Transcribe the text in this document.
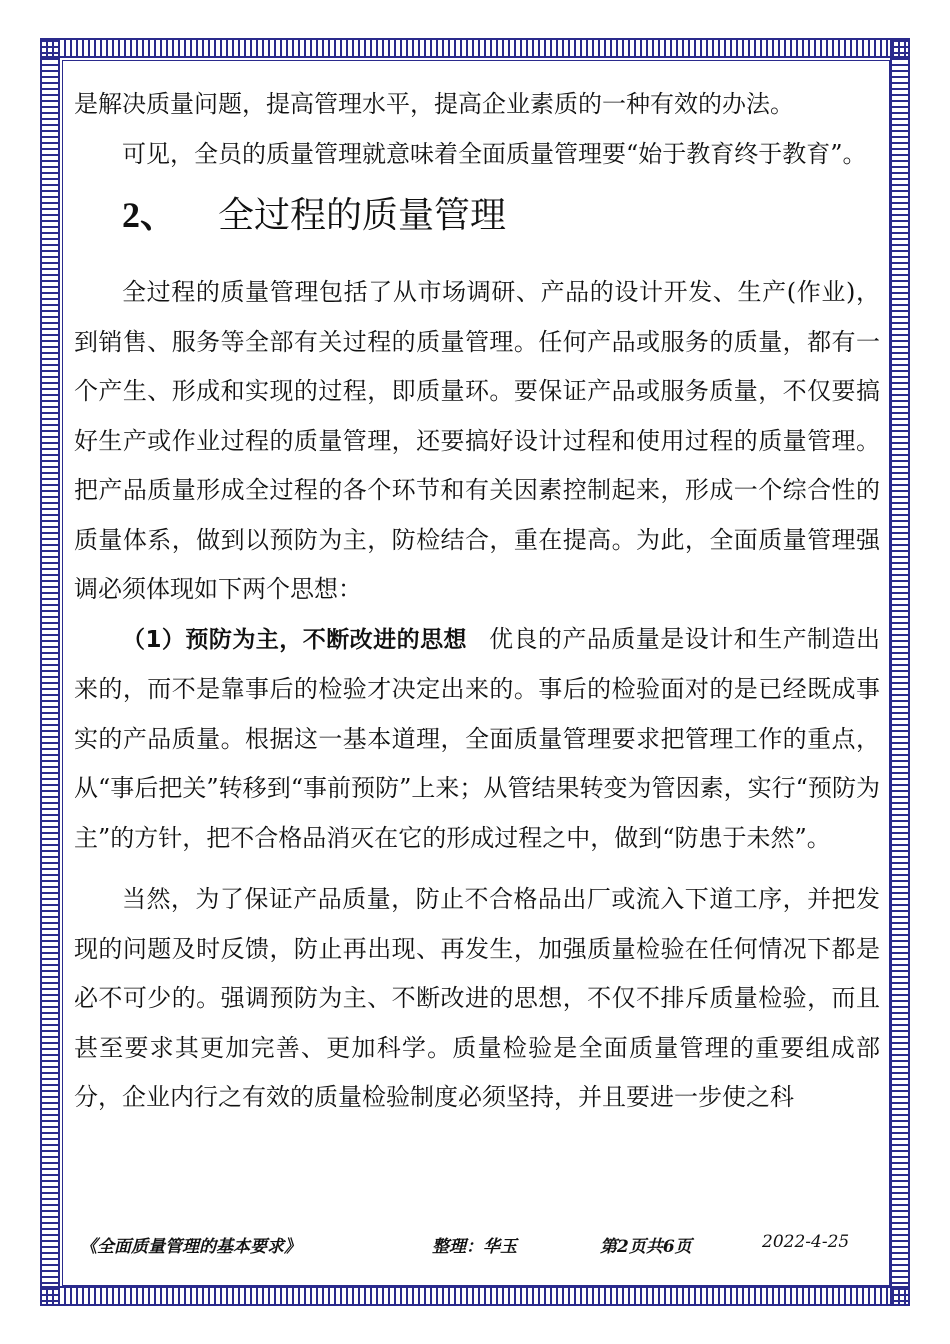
是解决质量问题，提高管理水平，提高企业素质的一种有效的办法。

可见，全员的质量管理就意味着全面质量管理要“始于教育终于教育”。

2、 全过程的质量管理

全过程的质量管理包括了从市场调研、产品的设计开发、生产(作业)，到销售、服务等全部有关过程的质量管理。任何产品或服务的质量，都有一个产生、形成和实现的过程，即质量环。要保证产品或服务质量，不仅要搞好生产或作业过程的质量管理，还要搞好设计过程和使用过程的质量管理。把产品质量形成全过程的各个环节和有关因素控制起来，形成一个综合性的质量体系，做到以预防为主，防检结合，重在提高。为此，全面质量管理强调必须体现如下两个思想：

（1）预防为主，不断改进的思想 优良的产品质量是设计和生产制造出来的，而不是靠事后的检验才决定出来的。事后的检验面对的是已经既成事实的产品质量。根据这一基本道理，全面质量管理要求把管理工作的重点，从“事后把关”转移到“事前预防”上来；从管结果转变为管因素，实行“预防为主”的方针，把不合格品消灭在它的形成过程之中，做到“防患于未然”。

当然，为了保证产品质量，防止不合格品出厂或流入下道工序，并把发现的问题及时反馈，防止再出现、再发生，加强质量检验在任何情况下都是必不可少的。强调预防为主、不断改进的思想，不仅不排斥质量检验，而且甚至要求其更加完善、更加科学。质量检验是全面质量管理的重要组成部分，企业内行之有效的质量检验制度必须坚持，并且要进一步使之科

《全面质量管理的基本要求》	整理：华玉	第2页共6页	2022-4-25
